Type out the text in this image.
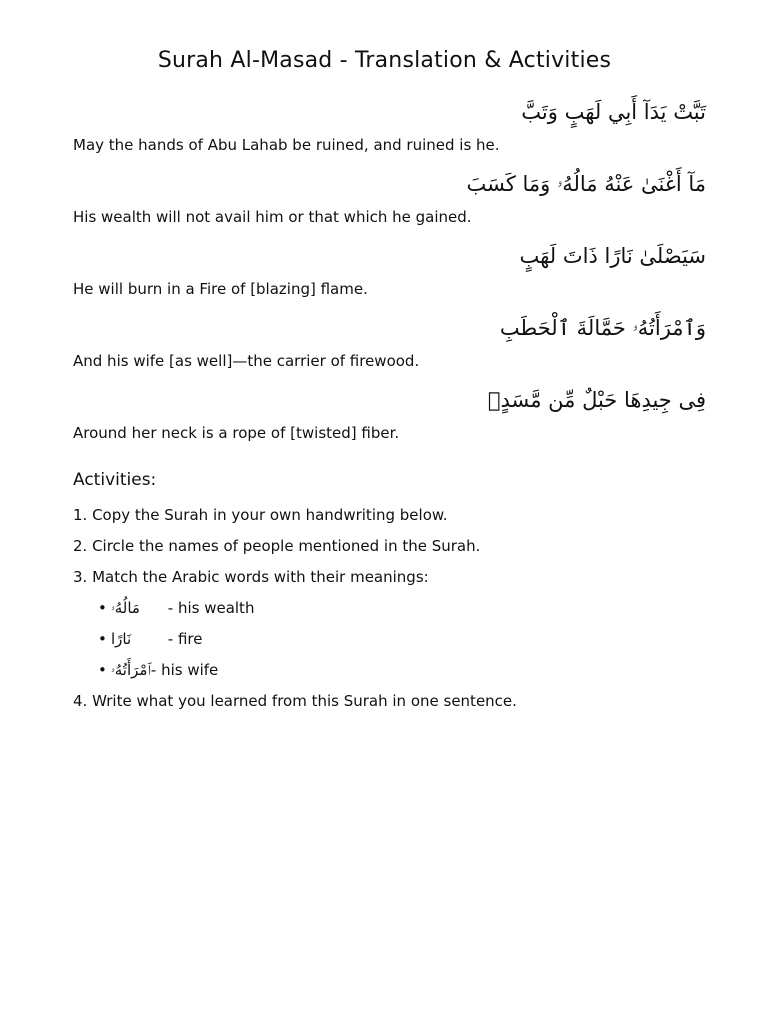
Surah Al-Masad - Translation & Activities
تَبَّتْ يَدَآ أَبِي لَهَبٍ وَتَبَّ
May the hands of Abu Lahab be ruined, and ruined is he.
مَآ أَغْنَىٰ عَنْهُ مَالُهُۥ وَمَا كَسَبَ
His wealth will not avail him or that which he gained.
سَيَصْلَىٰ نَارًا ذَاتَ لَهَبٍ
He will burn in a Fire of [blazing] flame.
وَٱمْرَأَتُهُۥ حَمَّالَةَ ٱلْحَطَبِ
And his wife [as well]—the carrier of firewood.
فِى جِيدِهَا حَبْلٌ مِّن مَّسَدٍۭ
Around her neck is a rope of [twisted] fiber.
Activities:
1. Copy the Surah in your own handwriting below.
2. Circle the names of people mentioned in the Surah.
3. Match the Arabic words with their meanings:
• مَالُهُۥ - his wealth
• نَارًا - fire
• ٱمْرَأَتُهُۥ- his wife
4. Write what you learned from this Surah in one sentence.
